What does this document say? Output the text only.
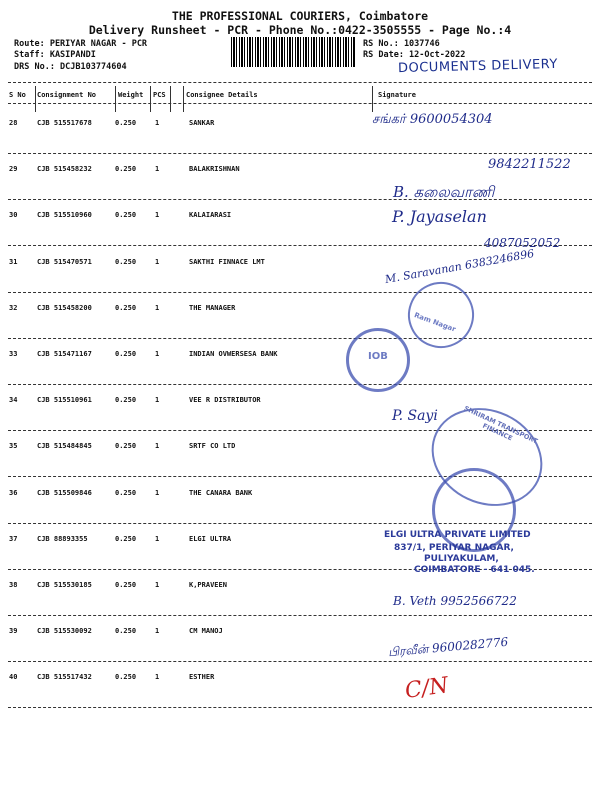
THE PROFESSIONAL COURIERS, Coimbatore
Delivery Runsheet - PCR - Phone No.:0422-3505555 - Page No.:4
Route: PERIYAR NAGAR - PCR
Staff: KASIPANDI
DRS No.: DCJB103774604
RS No.: 1037746
RS Date: 12-Oct-2022
DOCUMENTS DELIVERY
S No Consignment No	Weight PCS	Consignee Details	Signature
28	CJB 515517678	0.250	1	SANKAR
29	CJB 515458232	0.250	1	BALAKRISHNAN
30	CJB 515510960	0.250	1	KALAIARASI
31	CJB 515470571	0.250	1	SAKTHI FINNACE LMT
32	CJB 515458200	0.250	1	THE MANAGER
33	CJB 515471167	0.250	1	INDIAN OVWERSESA BANK
34	CJB 515510961	0.250	1	VEE R DISTRIBUTOR
35	CJB 515484845	0.250	1	SRTF CO LTD
36	CJB 515509846	0.250	1	THE CANARA BANK
37	CJB 88893355	0.250	1	ELGI ULTRA
38	CJB 515530185	0.250	1	K,PRAVEEN
39	CJB 515530092	0.250	1	CM MANOJ
40	CJB 515517432	0.250	1	ESTHER
Ram Nagar
IOB
SHRIRAM TRANSPORT FINANCE
ELGI ULTRA PRIVATE LIMITED
837/1, PERIYAR NAGAR,
PULIYAKULAM,
COIMBATORE - 641 045.
சங்கர் 9600054304
9842211522
B. கலைவாணி
P. Jayaselan
4087052052
M. Saravanan 6383246896
P. Sayi
B. Veth 9952566722
பிரவீன் 9600282776
C/N
